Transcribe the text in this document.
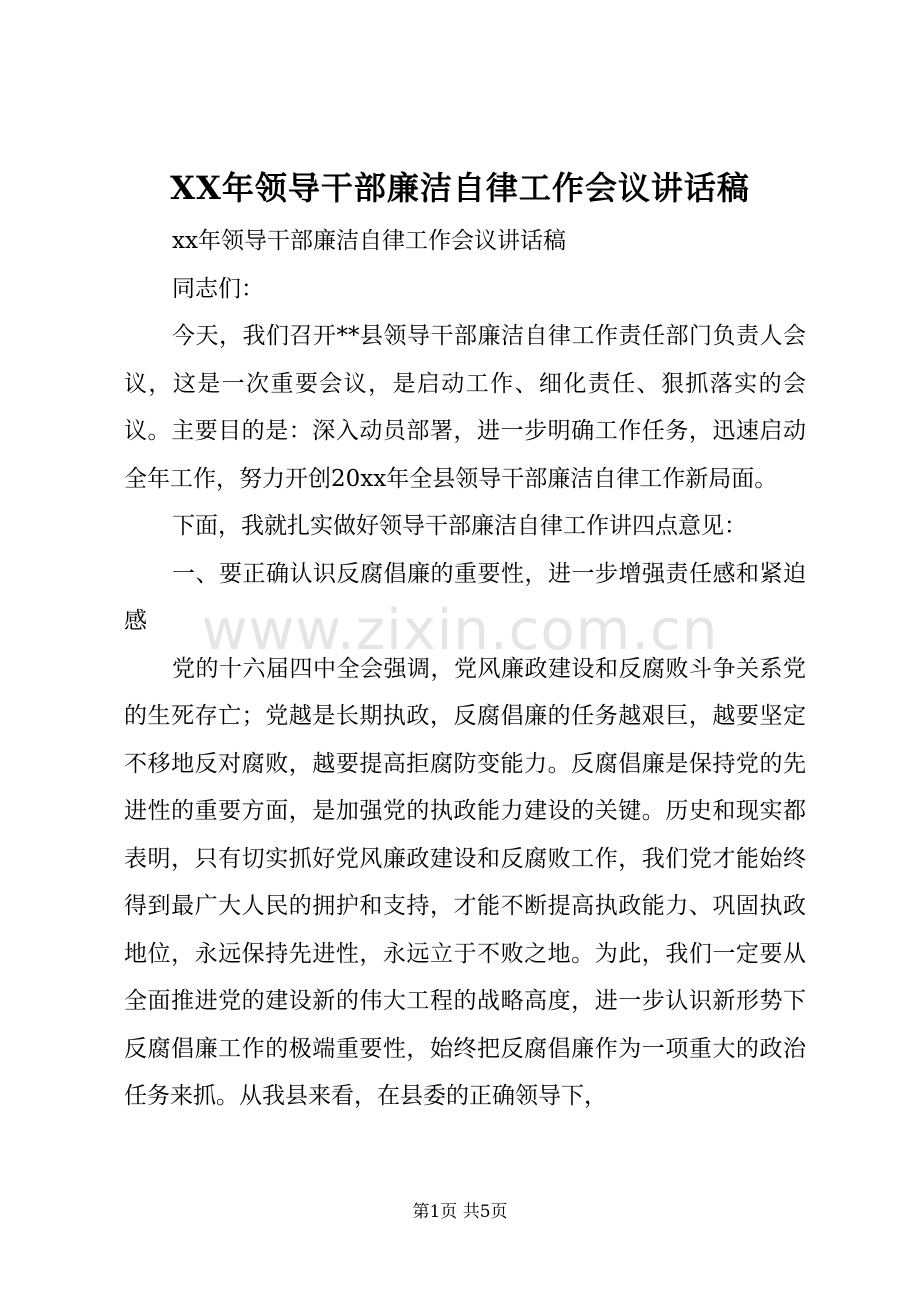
XX年领导干部廉洁自律工作会议讲话稿

xx年领导干部廉洁自律工作会议讲话稿

同志们：

今天，我们召开**县领导干部廉洁自律工作责任部门负责人会议，这是一次重要会议，是启动工作、细化责任、狠抓落实的会议。主要目的是：深入动员部署，进一步明确工作任务，迅速启动全年工作，努力开创20xx年全县领导干部廉洁自律工作新局面。

下面，我就扎实做好领导干部廉洁自律工作讲四点意见：

一、要正确认识反腐倡廉的重要性，进一步增强责任感和紧迫感

党的十六届四中全会强调，党风廉政建设和反腐败斗争关系党的生死存亡；党越是长期执政，反腐倡廉的任务越艰巨，越要坚定不移地反对腐败，越要提高拒腐防变能力。反腐倡廉是保持党的先进性的重要方面，是加强党的执政能力建设的关键。历史和现实都表明，只有切实抓好党风廉政建设和反腐败工作，我们党才能始终得到最广大人民的拥护和支持，才能不断提高执政能力、巩固执政地位，永远保持先进性，永远立于不败之地。为此，我们一定要从全面推进党的建设新的伟大工程的战略高度，进一步认识新形势下反腐倡廉工作的极端重要性，始终把反腐倡廉作为一项重大的政治任务来抓。从我县来看，在县委的正确领导下，

www.zixin.com.cn
第1页 共5页
